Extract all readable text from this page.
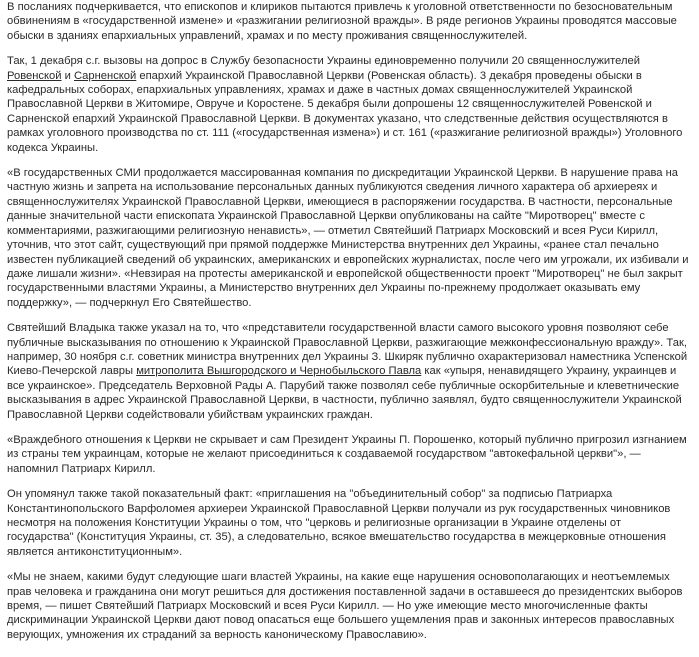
В посланиях подчеркивается, что епископов и клириков пытаются привлечь к уголовной ответственности по безосновательным обвинениям в «государственной измене» и «разжигании религиозной вражды». В ряде регионов Украины проводятся массовые обыски в зданиях епархиальных управлений, храмах и по месту проживания священнослужителей.

Так, 1 декабря с.г. вызовы на допрос в Службу безопасности Украины единовременно получили 20 священнослужителей Ровенской и Сарненской епархий Украинской Православной Церкви (Ровенская область). 3 декабря проведены обыски в кафедральных соборах, епархиальных управлениях, храмах и даже в частных домах священнослужителей Украинской Православной Церкви в Житомире, Овруче и Коростене. 5 декабря были допрошены 12 священнослужителей Ровенской и Сарненской епархий Украинской Православной Церкви. В документах указано, что следственные действия осуществляются в рамках уголовного производства по ст. 111 («государственная измена») и ст. 161 («разжигание религиозной вражды») Уголовного кодекса Украины.

«В государственных СМИ продолжается массированная компания по дискредитации Украинской Церкви. В нарушение права на частную жизнь и запрета на использование персональных данных публикуются сведения личного характера об архиереях и священнослужителях Украинской Православной Церкви, имеющиеся в распоряжении государства. В частности, персональные данные значительной части епископата Украинской Православной Церкви опубликованы на сайте "Миротворец" вместе с комментариями, разжигающими религиозную ненависть», — отметил Святейший Патриарх Московский и всея Руси Кирилл, уточнив, что этот сайт, существующий при прямой поддержке Министерства внутренних дел Украины, «ранее стал печально известен публикацией сведений об украинских, американских и европейских журналистах, после чего им угрожали, их избивали и даже лишали жизни». «Невзирая на протесты американской и европейской общественности проект "Миротворец" не был закрыт государственными властями Украины, а Министерство внутренних дел Украины по-прежнему продолжает оказывать ему поддержку», — подчеркнул Его Святейшество.

Святейший Владыка также указал на то, что «представители государственной власти самого высокого уровня позволяют себе публичные высказывания по отношению к Украинской Православной Церкви, разжигающие межконфессиональную вражду». Так, например, 30 ноября с.г. советник министра внутренних дел Украины З. Шкиряк публично охарактеризовал наместника Успенской Киево-Печерской лавры митрополита Вышгородского и Чернобыльского Павла как «упыря, ненавидящего Украину, украинцев и все украинское». Председатель Верховной Рады А. Парубий также позволял себе публичные оскорбительные и клеветнические высказывания в адрес Украинской Православной Церкви, в частности, публично заявлял, будто священнослужители Украинской Православной Церкви содействовали убийствам украинских граждан.

«Враждебного отношения к Церкви не скрывает и сам Президент Украины П. Порошенко, который публично пригрозил изгнанием из страны тем украинцам, которые не желают присоединиться к создаваемой государством "автокефальной церкви"», — напомнил Патриарх Кирилл.

Он упомянул также такой показательный факт: «приглашения на "объединительный собор" за подписью Патриарха Константинопольского Варфоломея архиереи Украинской Православной Церкви получали из рук государственных чиновников несмотря на положения Конституции Украины о том, что "церковь и религиозные организации в Украине отделены от государства" (Конституция Украины, ст. 35), а следовательно, всякое вмешательство государства в межцерковные отношения является антиконституционным».

«Мы не знаем, какими будут следующие шаги властей Украины, на какие еще нарушения основополагающих и неотъемлемых прав человека и гражданина они могут решиться для достижения поставленной задачи в оставшееся до президентских выборов время, — пишет Святейший Патриарх Московский и всея Руси Кирилл. — Но уже имеющие место многочисленные факты дискриминации Украинской Церкви дают повод опасаться еще большего ущемления прав и законных интересов православных верующих, умножения их страданий за верность каноническому Православию».
